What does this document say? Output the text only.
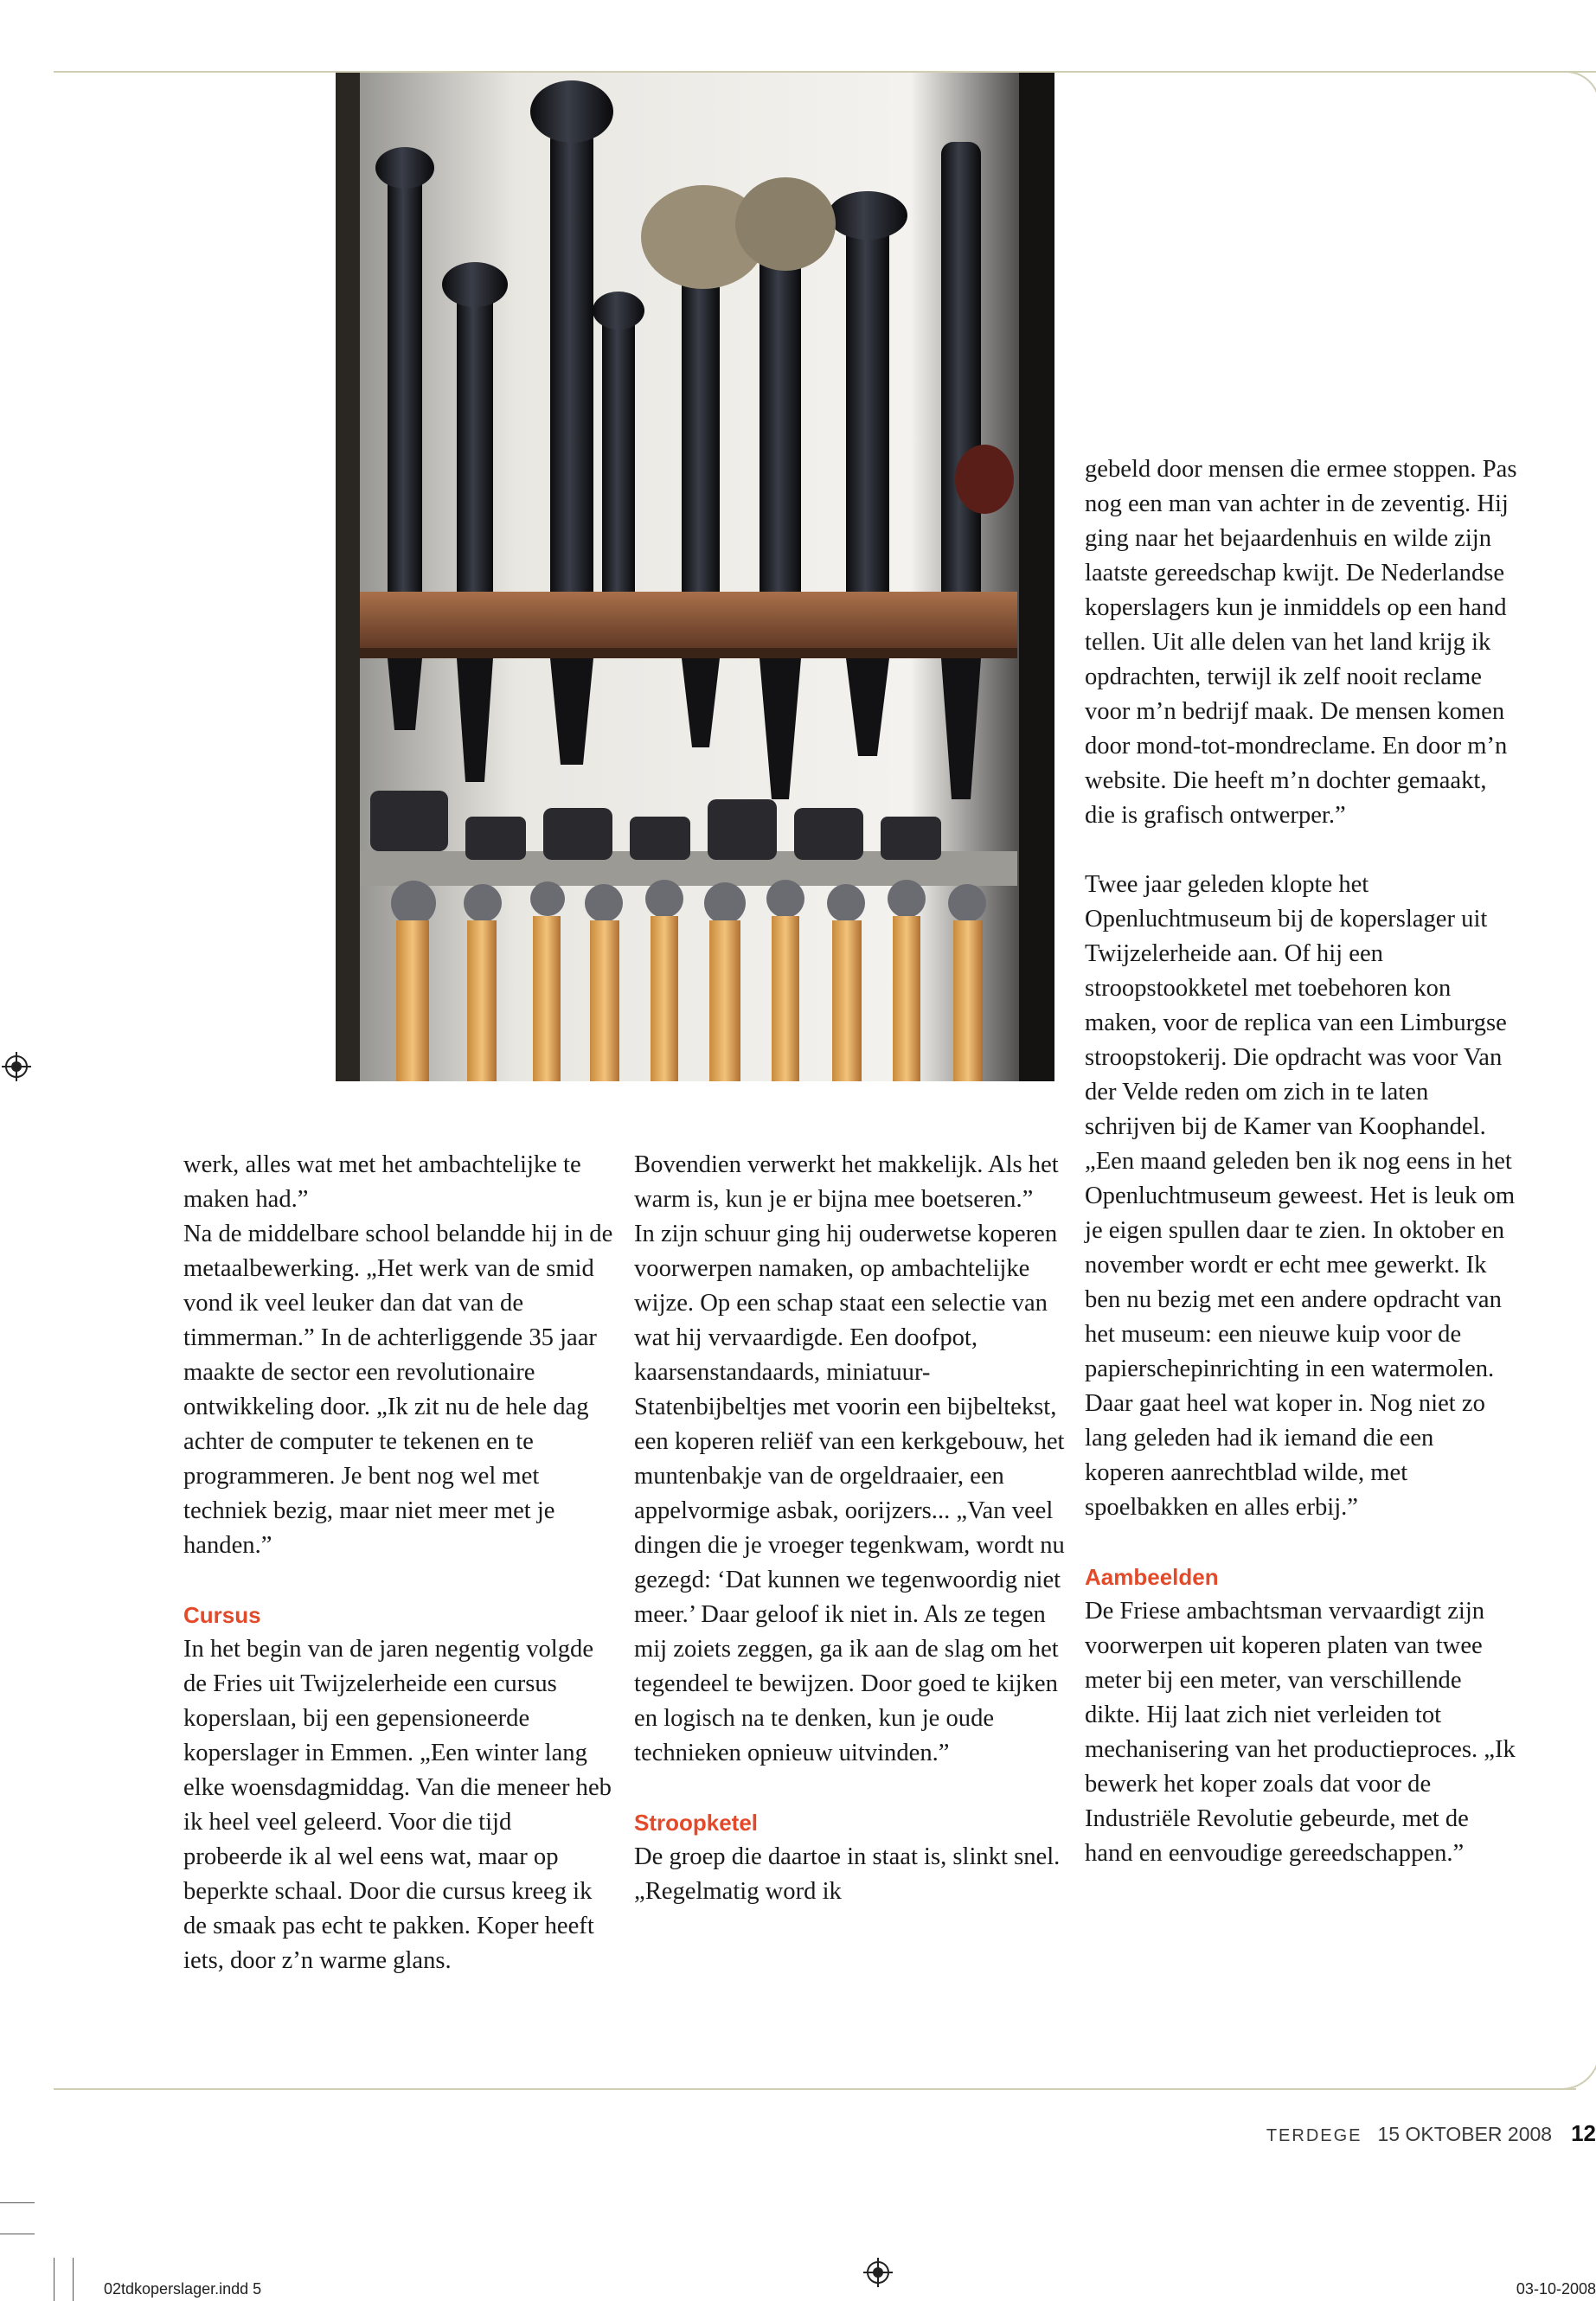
werk, alles wat met het ambachtelijke te maken had.”

Na de middelbare school belandde hij in de metaalbewerking. „Het werk van de smid vond ik veel leuker dan dat van de timmerman.” In de achterliggende 35 jaar maakte de sector een revolutionaire ontwikkeling door. „Ik zit nu de hele dag achter de computer te tekenen en te programmeren. Je bent nog wel met techniek bezig, maar niet meer met je handen.”

Cursus

In het begin van de jaren negentig volgde de Fries uit Twijzelerheide een cursus koperslaan, bij een gepensioneerde koperslager in Emmen. „Een winter lang elke woensdagmiddag. Van die meneer heb ik heel veel geleerd. Voor die tijd probeerde ik al wel eens wat, maar op beperkte schaal. Door die cursus kreeg ik de smaak pas echt te pakken. Koper heeft iets, door z’n warme glans.

Bovendien verwerkt het makkelijk. Als het warm is, kun je er bijna mee boetseren.”

In zijn schuur ging hij ouderwetse koperen voorwerpen namaken, op ambachtelijke wijze. Op een schap staat een selectie van wat hij vervaardigde. Een doofpot, kaarsenstandaards, miniatuur-Statenbijbeltjes met voorin een bijbeltekst, een koperen reliëf van een kerkgebouw, het muntenbakje van de orgeldraaier, een appelvormige asbak, oorijzers... „Van veel dingen die je vroeger tegenkwam, wordt nu gezegd: ‘Dat kunnen we tegenwoordig niet meer.’ Daar geloof ik niet in. Als ze tegen mij zoiets zeggen, ga ik aan de slag om het tegendeel te bewijzen. Door goed te kijken en logisch na te denken, kun je oude technieken opnieuw uitvinden.”

Stroopketel

De groep die daartoe in staat is, slinkt snel. „Regelmatig word ik

gebeld door mensen die ermee stoppen. Pas nog een man van achter in de zeventig. Hij ging naar het bejaardenhuis en wilde zijn laatste gereedschap kwijt. De Nederlandse koperslagers kun je inmiddels op een hand tellen. Uit alle delen van het land krijg ik opdrachten, terwijl ik zelf nooit reclame voor m’n bedrijf maak. De mensen komen door mond-tot-mondreclame. En door m’n website. Die heeft m’n dochter gemaakt, die is grafisch ontwerper.”

Twee jaar geleden klopte het Openluchtmuseum bij de koperslager uit Twijzelerheide aan. Of hij een stroopstookketel met toebehoren kon maken, voor de replica van een Limburgse stroopstokerij. Die opdracht was voor Van der Velde reden om zich in te laten schrijven bij de Kamer van Koophandel. „Een maand geleden ben ik nog eens in het Openluchtmuseum geweest. Het is leuk om je eigen spullen daar te zien. In oktober en november wordt er echt mee gewerkt. Ik ben nu bezig met een andere opdracht van het museum: een nieuwe kuip voor de papierschepinrichting in een watermolen. Daar gaat heel wat koper in. Nog niet zo lang geleden had ik iemand die een koperen aanrechtblad wilde, met spoelbakken en alles erbij.”

Aambeelden

De Friese ambachtsman vervaardigt zijn voorwerpen uit koperen platen van twee meter bij een meter, van verschillende dikte. Hij laat zich niet verleiden tot mechanisering van het productieproces. „Ik bewerk het koper zoals dat voor de Industriële Revolutie gebeurde, met de hand en eenvoudige gereedschappen.”

TERDEGE 15 OKTOBER 2008 12
02tdkoperslager.indd 5	03-10-2008
